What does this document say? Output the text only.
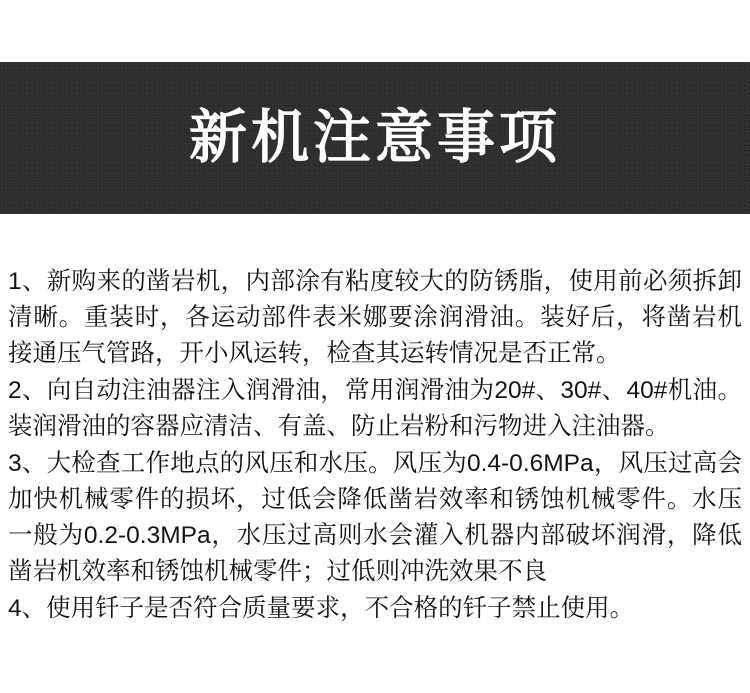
新机注意事项

1、新购来的凿岩机，内部涂有粘度较大的防锈脂，使用前必须拆卸清晰。重装时，各运动部件表米娜要涂润滑油。装好后，将凿岩机接通压气管路，开小风运转，检查其运转情况是否正常。

2、向自动注油器注入润滑油，常用润滑油为20#、30#、40#机油。装润滑油的容器应清洁、有盖、防止岩粉和污物进入注油器。

3、大检查工作地点的风压和水压。风压为0.4-0.6MPa，风压过高会加快机械零件的损坏，过低会降低凿岩效率和锈蚀机械零件。水压一般为0.2-0.3MPa，水压过高则水会灌入机器内部破坏润滑，降低凿岩机效率和锈蚀机械零件；过低则冲洗效果不良

4、使用钎子是否符合质量要求，不合格的钎子禁止使用。
